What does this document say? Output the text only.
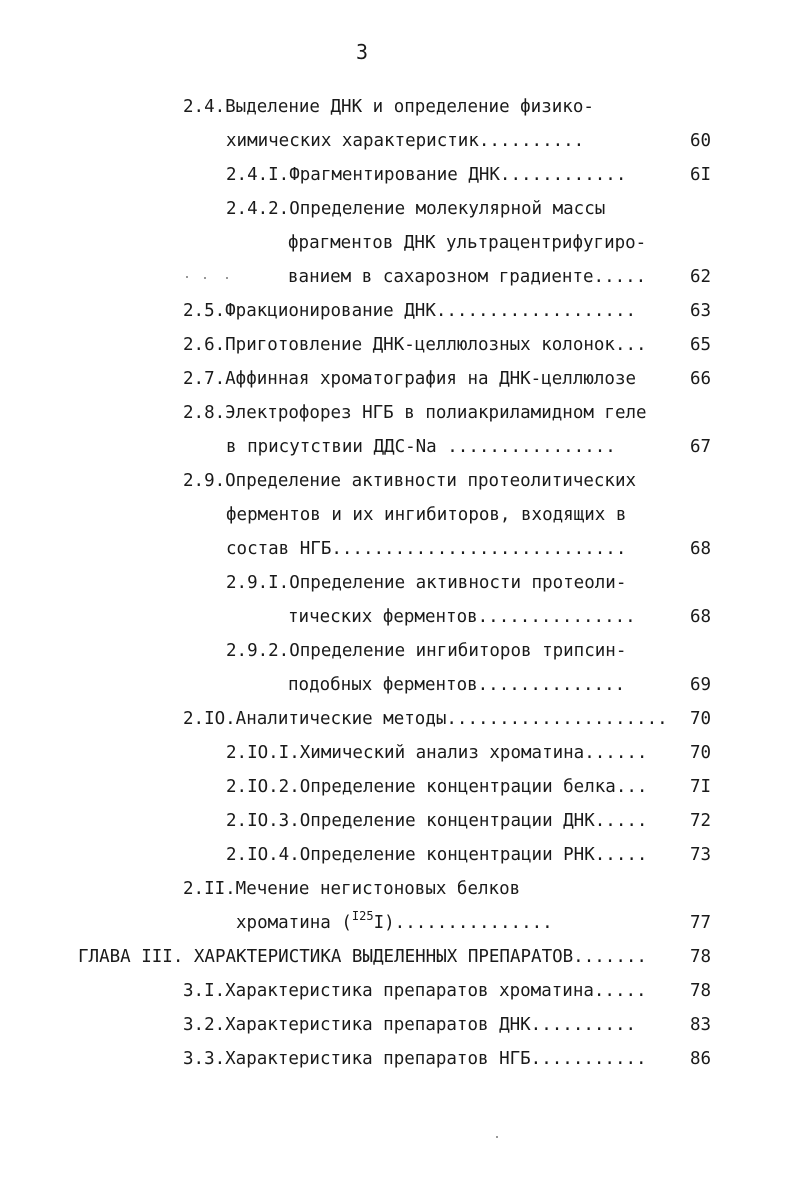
3
2.4.Выделение ДНК и определение физико-
химических характеристик..........	60
2.4.I.Фрагментирование ДНК............	6I
2.4.2.Определение молекулярной массы
фрагментов ДНК ультрацентрифугиро-
ванием в сахарозном градиенте.....	62
2.5.Фракционирование ДНК...................	63
2.6.Приготовление ДНК-целлюлозных колонок... 65
2.7.Аффинная хроматография на ДНК-целлюлозе	66
2.8.Электрофорез НГБ в полиакриламидном геле
в присутствии ДДС-Na ................	67
2.9.Определение активности протеолитических
ферментов и их ингибиторов, входящих в
состав НГБ............................	68
2.9.I.Определение активности протеоли-
тических ферментов...............	68
2.9.2.Определение ингибиторов трипсин-
подобных ферментов..............	69
2.IO.Аналитические методы..................... 70
2.IO.I.Химический анализ хроматина...... 70
2.IO.2.Определение концентрации белка... 7I
2.IO.3.Определение концентрации ДНК..... 72
2.IO.4.Определение концентрации РНК..... 73
2.II.Мечение негистоновых белков
хроматина ($^{I25}$I)...............	77
ГЛАВА III. ХАРАКТЕРИСТИКА ВЫДЕЛЕННЫХ ПРЕПАРАТОВ....... 78
3.I.Характеристика препаратов хроматина..... 78
3.2.Характеристика препаратов ДНК..........	83
3.3.Характеристика препаратов НГБ........... 86
